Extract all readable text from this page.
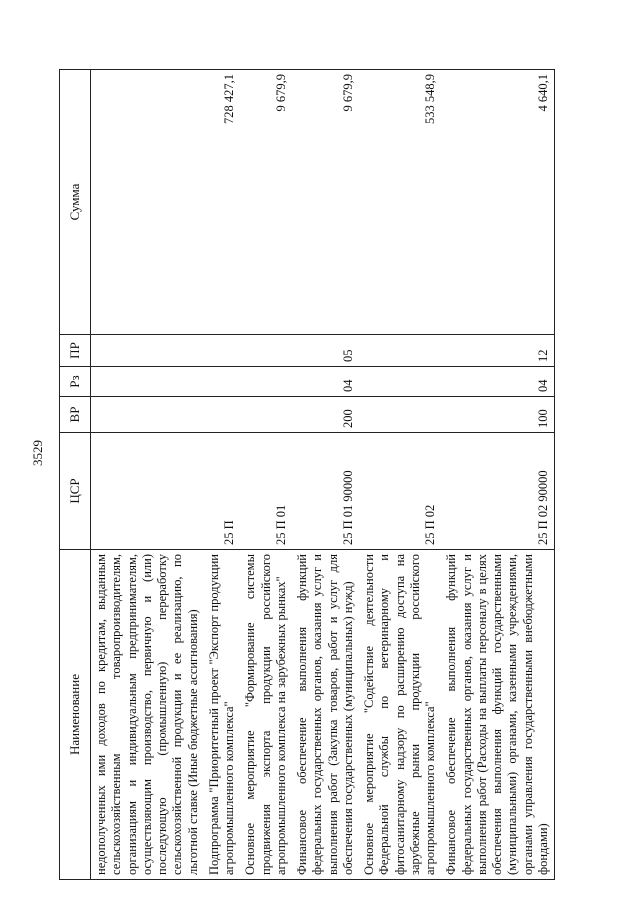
3529
Наименование	ЦСР	ВР	Рз	ПР	Сумма
недополученных ими доходов по кредитам, выданным сельскохозяйственным товаропроизводителям, организациям и индивидуальным предпринимателям, осуществляющим производство, первичную и (или) последующую (промышленную) переработку сельскохозяйственной продукции и ее реализацию, по льготной ставке (Иные бюджетные ассигнования)					
Подпрограмма "Приоритетный проект "Экспорт продукции агропромышленного комплекса"	25 П				728 427,1
Основное мероприятие "Формирование системы продвижения экспорта продукции российского агропромышленного комплекса на зарубежных рынках"	25 П 01				9 679,9
Финансовое обеспечение выполнения функций федеральных государственных органов, оказания услуг и выполнения работ (Закупка товаров, работ и услуг для обеспечения государственных (муниципальных) нужд)	25 П 01 90000	200	04	05	9 679,9
Основное мероприятие "Содействие деятельности Федеральной службы по ветеринарному и фитосанитарному надзору по расширению доступа на зарубежные рынки продукции российского агропромышленного комплекса"	25 П 02				533 548,9
Финансовое обеспечение выполнения функций федеральных государственных органов, оказания услуг и выполнения работ (Расходы на выплаты персоналу в целях обеспечения выполнения функций государственными (муниципальными) органами, казенными учреждениями, органами управления государственными внебюджетными фондами)	25 П 02 90000	100	04	12	4 640,1
